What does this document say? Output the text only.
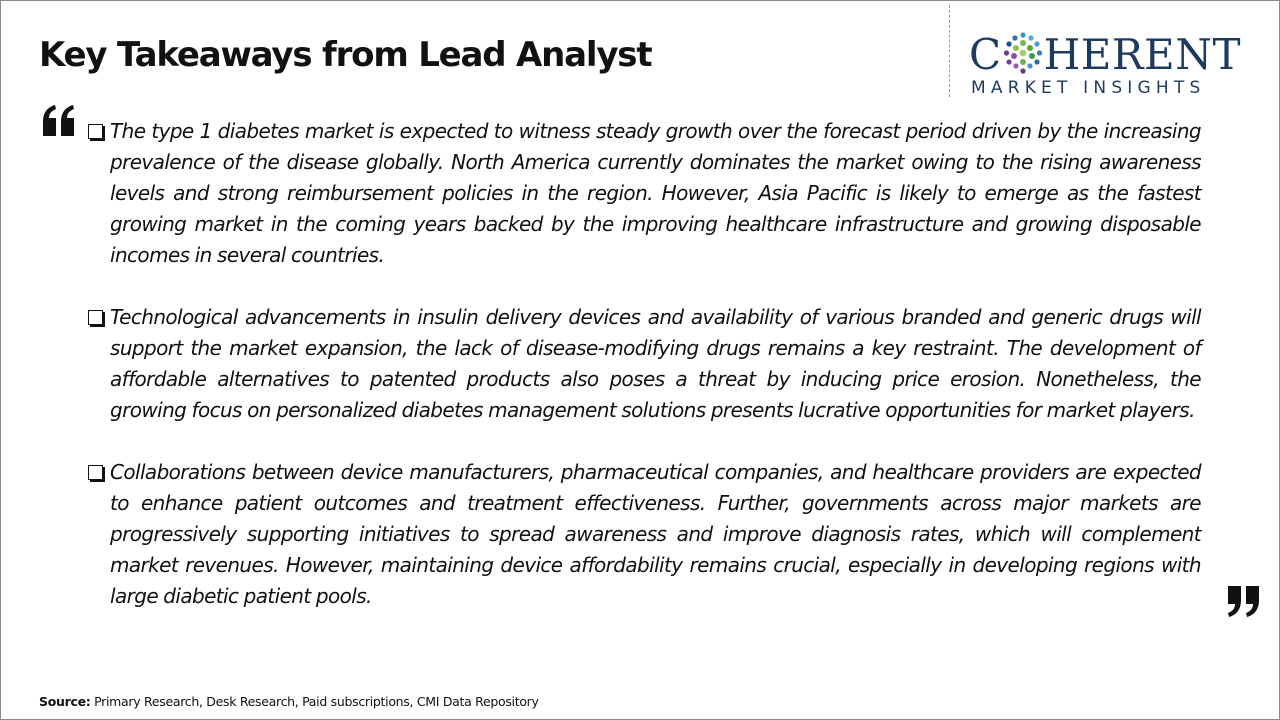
Key Takeaways from Lead Analyst	C HERENT
MARKET INSIGHTS
The type 1 diabetes market is expected to witness steady growth over the forecast period driven by the increasing prevalence of the disease globally. North America currently dominates the market owing to the rising awareness levels and strong reimbursement policies in the region. However, Asia Pacific is likely to emerge as the fastest growing market in the coming years backed by the improving healthcare infrastructure and growing disposable incomes in several countries.
Technological advancements in insulin delivery devices and availability of various branded and generic drugs will support the market expansion, the lack of disease-modifying drugs remains a key restraint. The development of affordable alternatives to patented products also poses a threat by inducing price erosion. Nonetheless, the growing focus on personalized diabetes management solutions presents lucrative opportunities for market players.
Collaborations between device manufacturers, pharmaceutical companies, and healthcare providers are expected to enhance patient outcomes and treatment effectiveness. Further, governments across major markets are progressively supporting initiatives to spread awareness and improve diagnosis rates, which will complement market revenues. However, maintaining device affordability remains crucial, especially in developing regions with large diabetic patient pools.
Source: Primary Research, Desk Research, Paid subscriptions, CMI Data Repository
